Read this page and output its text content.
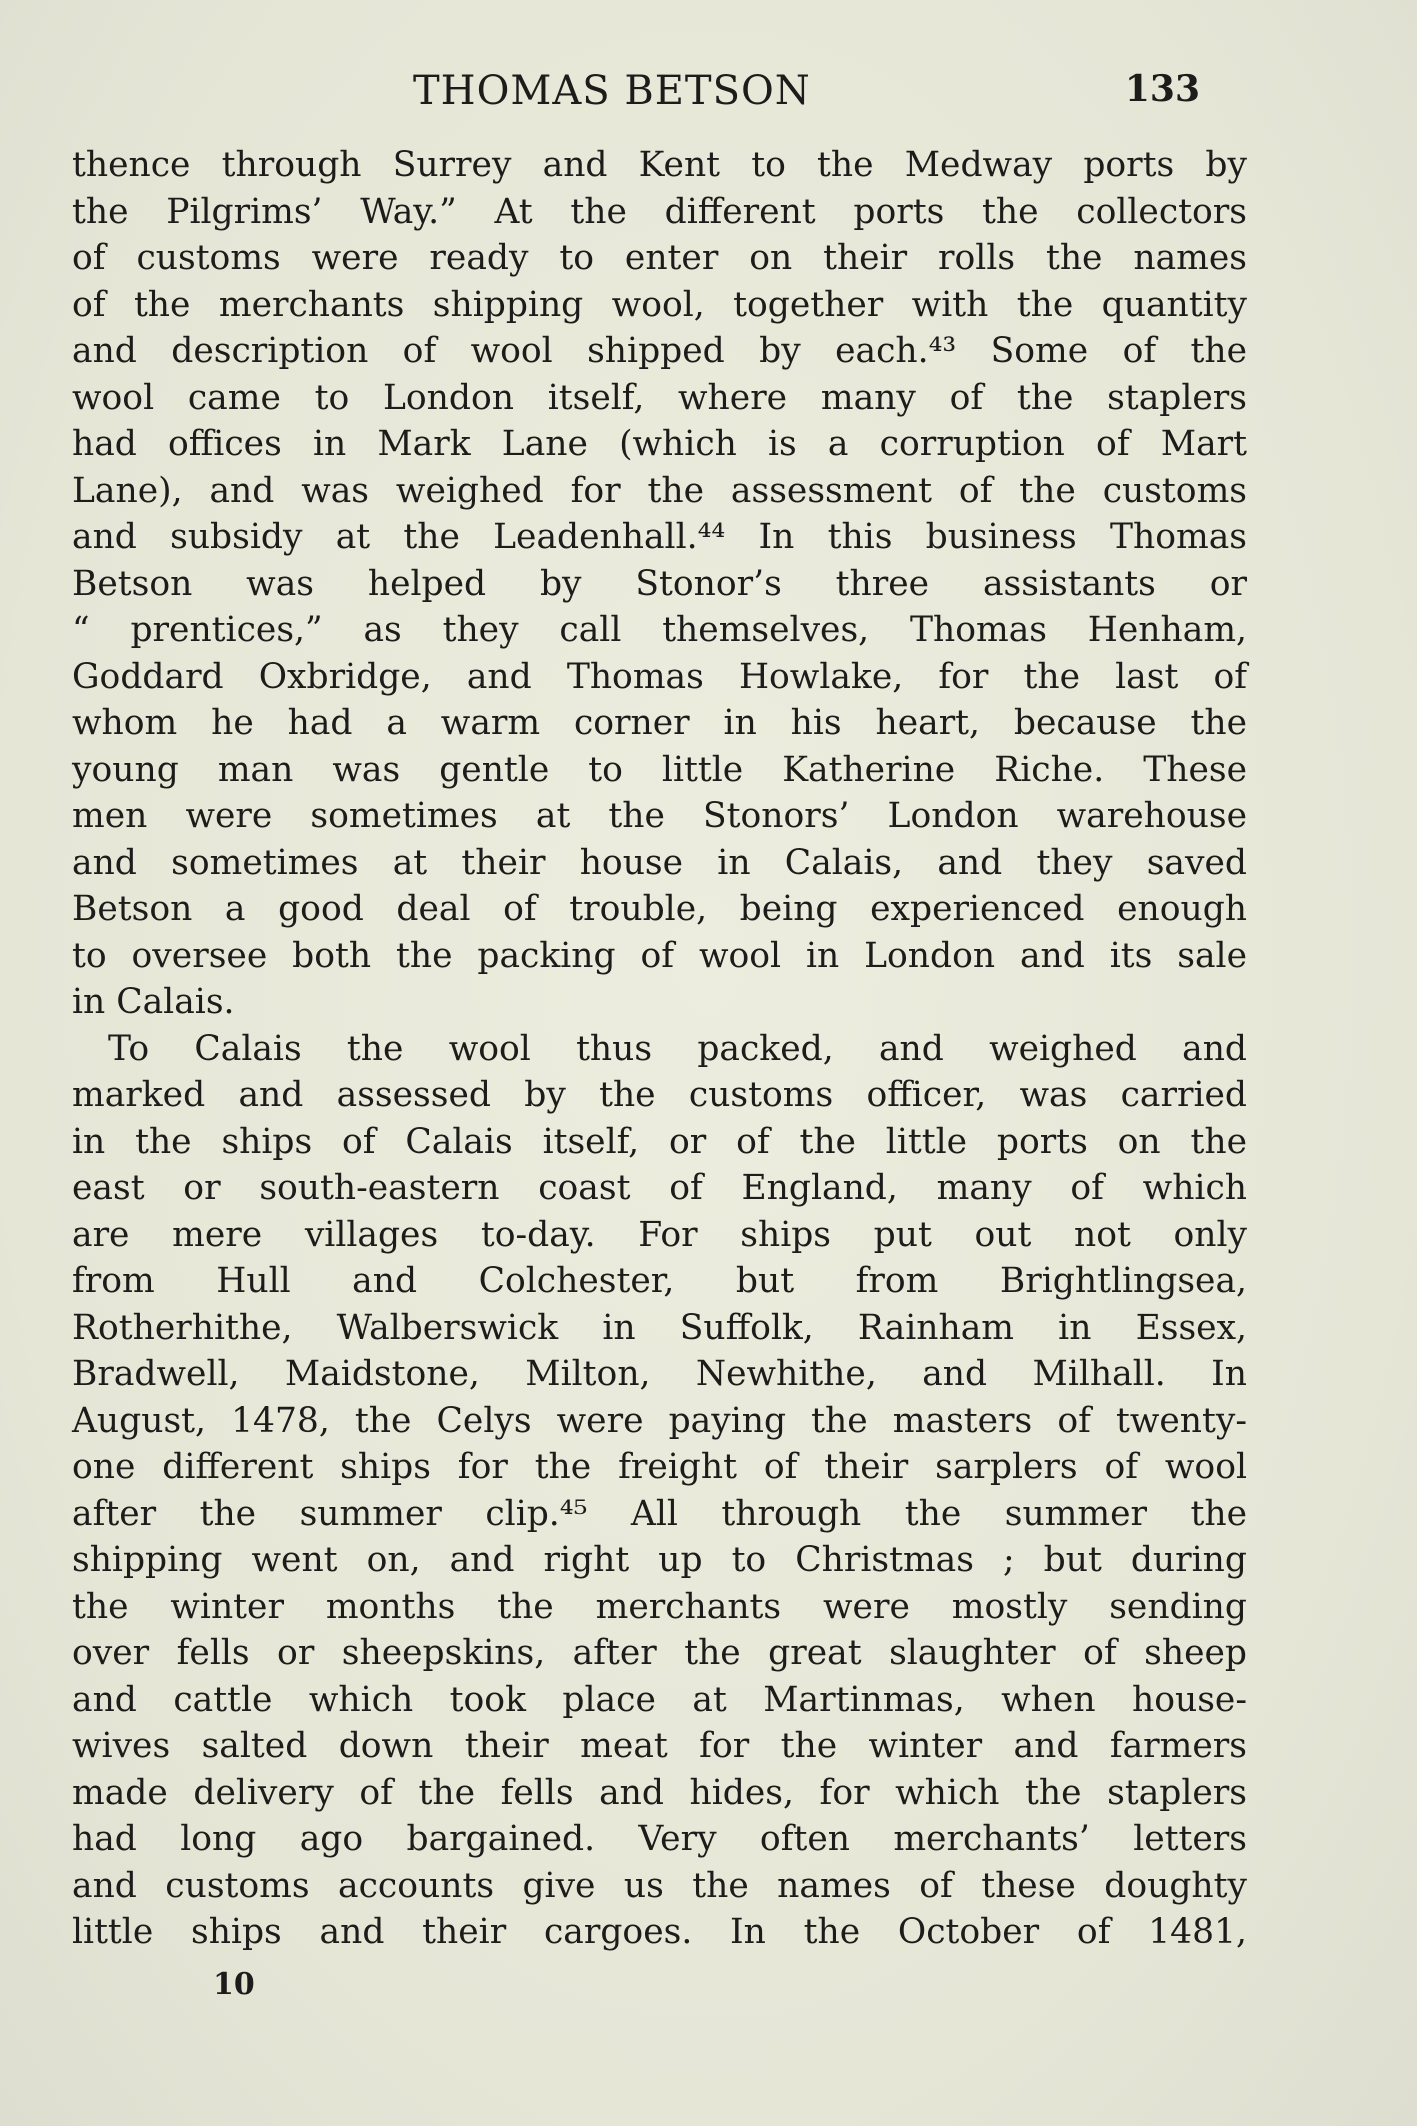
THOMAS BETSON	133
thence through Surrey and Kent to the Medway ports by
the Pilgrims’ Way.” At the different ports the collectors
of customs were ready to enter on their rolls the names
of the merchants shipping wool, together with the quantity
and description of wool shipped by each.⁴³ Some of the
wool came to London itself, where many of the staplers
had offices in Mark Lane (which is a corruption of Mart
Lane), and was weighed for the assessment of the customs
and subsidy at the Leadenhall.⁴⁴ In this business Thomas
Betson was helped by Stonor’s three assistants or
“ prentices,” as they call themselves, Thomas Henham,
Goddard Oxbridge, and Thomas Howlake, for the last of
whom he had a warm corner in his heart, because the
young man was gentle to little Katherine Riche. These
men were sometimes at the Stonors’ London warehouse
and sometimes at their house in Calais, and they saved
Betson a good deal of trouble, being experienced enough
to oversee both the packing of wool in London and its sale
in Calais.
To Calais the wool thus packed, and weighed and
marked and assessed by the customs officer, was carried
in the ships of Calais itself, or of the little ports on the
east or south-eastern coast of England, many of which
are mere villages to-day. For ships put out not only
from Hull and Colchester, but from Brightlingsea,
Rotherhithe, Walberswick in Suffolk, Rainham in Essex,
Bradwell, Maidstone, Milton, Newhithe, and Milhall. In
August, 1478, the Celys were paying the masters of twenty-
one different ships for the freight of their sarplers of wool
after the summer clip.⁴⁵ All through the summer the
shipping went on, and right up to Christmas ; but during
the winter months the merchants were mostly sending
over fells or sheepskins, after the great slaughter of sheep
and cattle which took place at Martinmas, when house-
wives salted down their meat for the winter and farmers
made delivery of the fells and hides, for which the staplers
had long ago bargained. Very often merchants’ letters
and customs accounts give us the names of these doughty
little ships and their cargoes. In the October of 1481,
10
